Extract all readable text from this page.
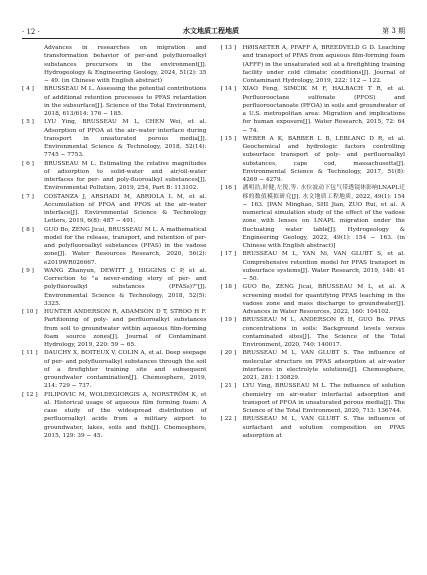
· 12 ·	水文地质工程地质	第 3 期
Advances in researches on migration and transformation behavior of per-and polyfluoroalkyl substances precursors in the environment[J]. Hydrogeology & Engineering Geology, 2024, 51(2): 35 − 49. (in Chinese with English abstract)
[ 4 ]	BRUSSEAU M L. Assessing the potential contributions of additional retention processes to PFAS retardation in the subsurface[J]. Science of the Total Environment, 2018, 613/614: 176 − 185.
[ 5 ]	LYU Ying, BRUSSEAU M L, CHEN Wei, et al. Adsorption of PFOA at the air–water interface during transport in unsaturated porous media[J]. Environmental Science & Technology, 2018, 52(14): 7745 − 7753.
[ 6 ]	BRUSSEAU M L. Estimating the relative magnitudes of adsorption to solid-water and air/oil-water interfaces for per- and poly-fluoroalkyl substances[J]. Environmental Pollution, 2019, 254, Part B: 113102.
[ 7 ]	COSTANZA J, ARSHADI M, ABRIOLA L M, et al. Accumulation of PFOA and PFOS at the air–water interface[J]. Environmental Science & Technology Letters, 2019, 6(8): 487 − 491.
[ 8 ]	GUO Bo, ZENG Jicai, BRUSSEAU M L. A mathematical model for the release, transport, and retention of per-and polyfluoroalkyl substances (PFAS) in the vadose zone[J]. Water Resources Research, 2020, 56(2): e2019WR026667.
[ 9 ]	WANG Zhanyun, DEWITT J, HIGGINS C P, et al. Correction to "a never-ending story of per- and polyfluoroalkyl substances (PFASs)?"[J]. Environmental Science & Technology, 2018, 52(5): 3325.
[ 10 ]	HUNTER ANDERSON R, ADAMSON D T, STROO H F. Partitioning of poly- and perfluoroalkyl substances from soil to groundwater within aqueous film-forming foam source zones[J]. Journal of Contaminant Hydrology, 2019, 220: 59 − 65.
[ 11 ]	DAUCHY X, BOITEUX V, COLIN A, et al. Deep seepage of per- and polyfluoroalkyl substances through the soil of a firefighter training site and subsequent groundwater contamination[J]. Chemosphere, 2019, 214: 729 − 737.
[ 12 ]	FILIPOVIC M, WOLDEGIORGIS A, NORSTRÖM K, et al. Historical usage of aqueous film forming foam: A case study of the widespread distribution of perfluoroalkyl acids from a military airport to groundwater, lakes, soils and fish[J]. Chemosphere, 2015, 129: 39 − 45.
[ 13 ]	HØISAETER A, PFAFF A, BREEDVELD G D. Leaching and transport of PFAS from aqueous film-forming foam (AFFF) in the unsaturated soil at a firefighting training facility under cold climatic conditions[J]. Journal of Contaminant Hydrology, 2019, 222: 112 − 122.
[ 14 ]	XIAO Feng, SIMCIK M F, HALBACH T R, et al. Perfluorooctane sulfonate (PFOS) and perfluorooctanoate (PFOA) in soils and groundwater of a U.S. metropolitan area: Migration and implications for human exposure[J]. Water Research, 2015, 72: 64 − 74.
[ 15 ]	WEBER A K, BARBER L B, LEBLANC D R, et al. Geochemical and hydrologic factors controlling subsurface transport of poly- and perfluoroalkyl substances, cape cod, massachusetts[J]. Environmental Science & Technology, 2017, 51(8): 4269 − 4279.
[ 16 ]	潘明浩,时健,左锐,等. 水位波动下包气带透镜体影响LNAPL迁移的数值模拟研究[J]. 水文地质工程地质, 2022, 49(1): 154 − 163. [PAN Minghao, SHI Jian, ZUO Rui, et al. A numerical simulation study of the effect of the vadose zone with lenses on LNAPL migration under the fluctuating water table[J]. Hydrogeology & Engineering Geology, 2022, 49(1): 154 − 163. (in Chinese with English abstract)]
[ 17 ]	BRUSSEAU M L, YAN Ni, VAN GLUBT S, et al. Comprehensive retention model for PFAS transport in subsurface systems[J]. Water Research, 2019, 148: 41 − 50.
[ 18 ]	GUO Bo, ZENG Jicai, BRUSSEAU M L, et al. A screening model for quantifying PFAS leaching in the vadose zone and mass discharge to groundwater[J]. Advances in Water Resources, 2022, 160: 104102.
[ 19 ]	BRUSSEAU M L, ANDERSON R H, GUO Bo. PFAS concentrations in soils: Background levels versus contaminated sites[J]. The Science of the Total Environment, 2020, 740: 140017.
[ 20 ]	BRUSSEAU M L, VAN GLUBT S. The influence of molecular structure on PFAS adsorption at air-water interfaces in electrolyte solutions[J]. Chemosphere, 2021, 281: 130829.
[ 21 ]	LYU Ying, BRUSSEAU M L. The influence of solution chemistry on air-water interfacial adsorption and transport of PFOA in unsaturated porous media[J]. The Science of the Total Environment, 2020, 713: 136744.
[ 22 ]	BRUSSEAU M L, VAN GLUBT S. The influence of surfactant and solution composition on PFAS adsorption at
